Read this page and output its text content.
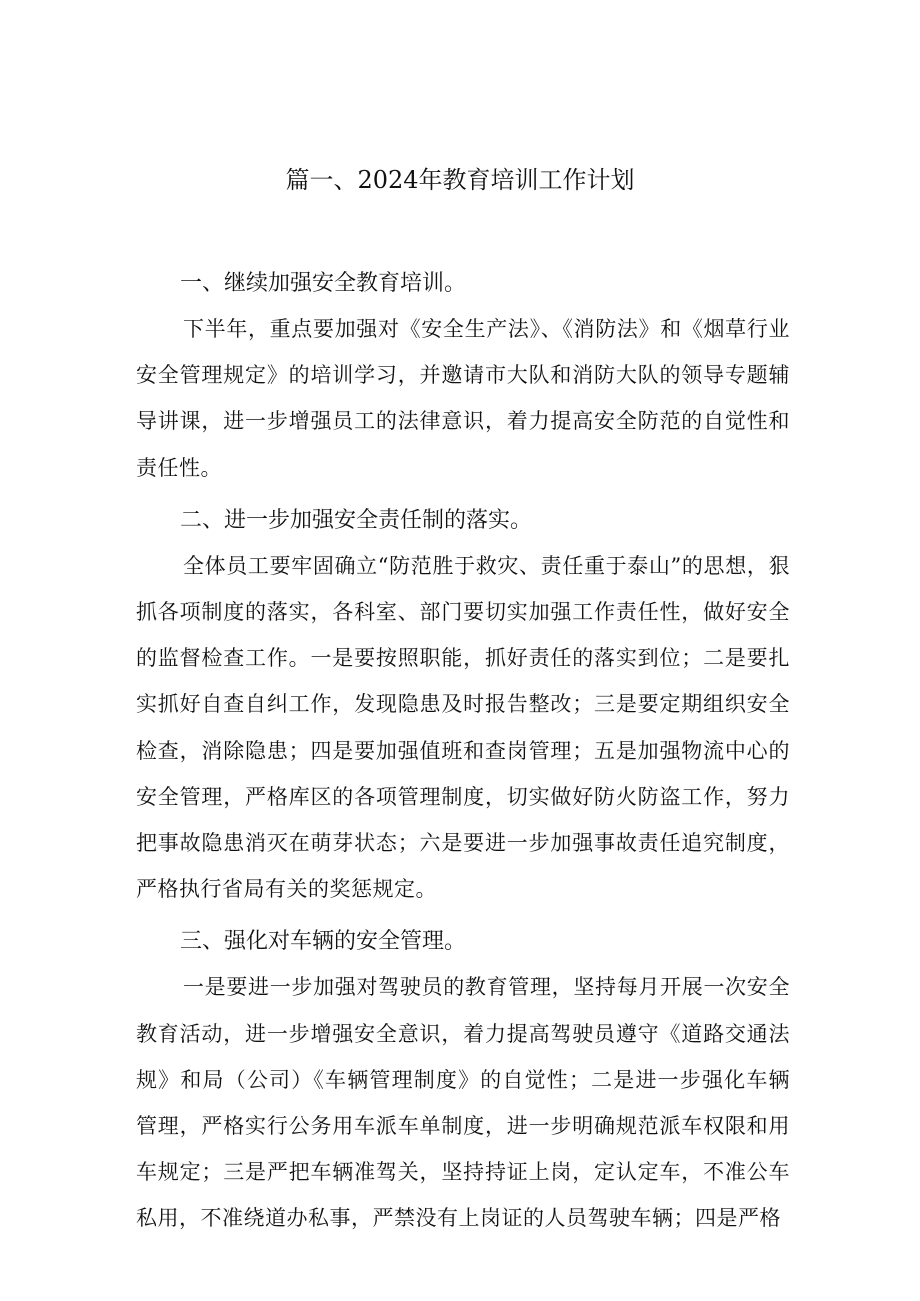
篇一、2024年教育培训工作计划
一、继续加强安全教育培训。

下半年，重点要加强对《安全生产法》、《消防法》和《烟草行业安全管理规定》的培训学习，并邀请市大队和消防大队的领导专题辅导讲课，进一步增强员工的法律意识，着力提高安全防范的自觉性和责任性。

二、进一步加强安全责任制的落实。

全体员工要牢固确立“防范胜于救灾、责任重于泰山”的思想，狠抓各项制度的落实，各科室、部门要切实加强工作责任性，做好安全的监督检查工作。一是要按照职能，抓好责任的落实到位；二是要扎实抓好自查自纠工作，发现隐患及时报告整改；三是要定期组织安全检查，消除隐患；四是要加强值班和查岗管理；五是加强物流中心的安全管理，严格库区的各项管理制度，切实做好防火防盗工作，努力把事故隐患消灭在萌芽状态；六是要进一步加强事故责任追究制度，严格执行省局有关的奖惩规定。

三、强化对车辆的安全管理。

一是要进一步加强对驾驶员的教育管理，坚持每月开展一次安全教育活动，进一步增强安全意识，着力提高驾驶员遵守《道路交通法规》和局（公司）《车辆管理制度》的自觉性；二是进一步强化车辆管理，严格实行公务用车派车单制度，进一步明确规范派车权限和用车规定；三是严把车辆准驾关，坚持持证上岗，定认定车，不准公车私用，不准绕道办私事，严禁没有上岗证的人员驾驶车辆；四是严格
